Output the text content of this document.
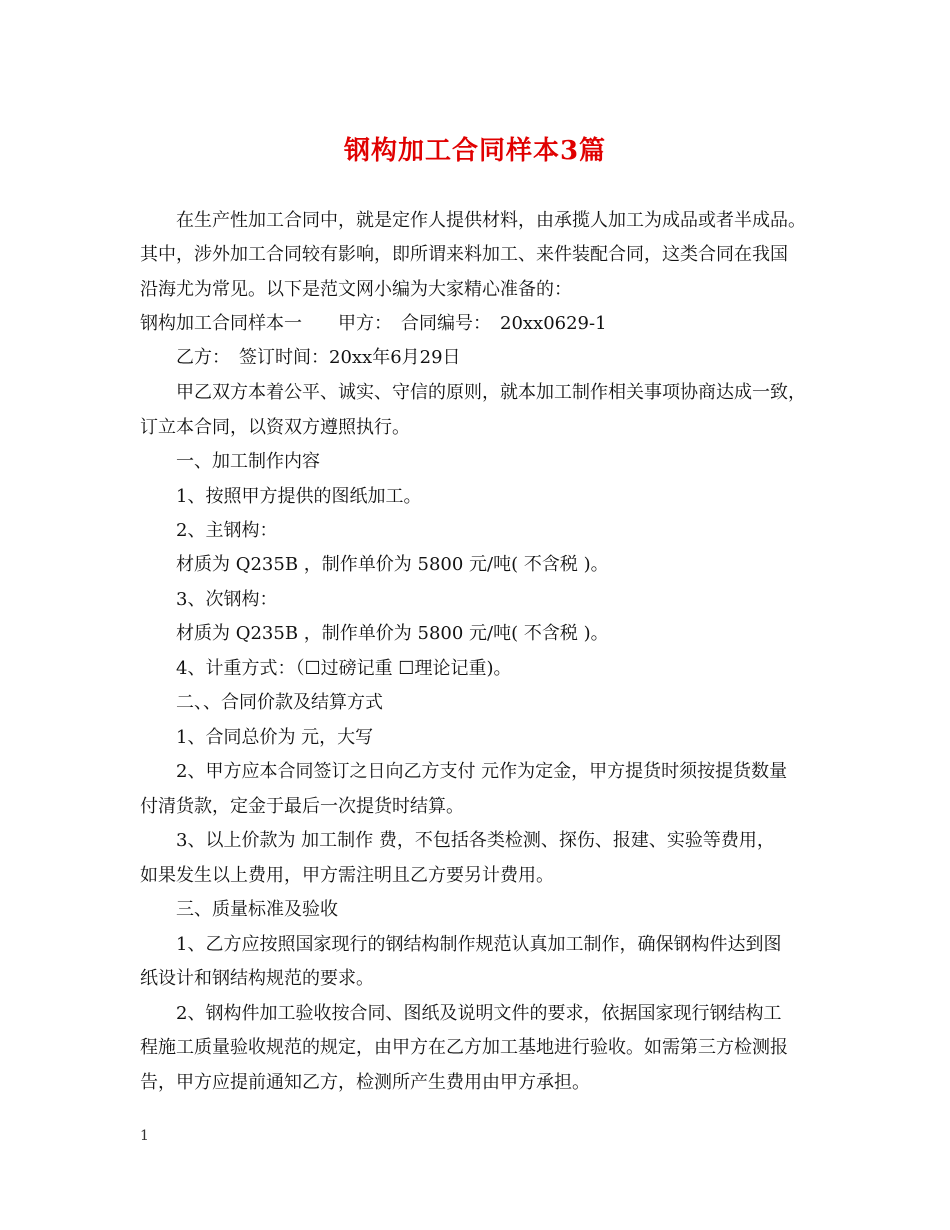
钢构加工合同样本3篇
在生产性加工合同中，就是定作人提供材料，由承揽人加工为成品或者半成品。
其中，涉外加工合同较有影响，即所谓来料加工、来件装配合同，这类合同在我国
沿海尤为常见。以下是范文网小编为大家精心准备的：
钢构加工合同样本一　　甲方：　合同编号：　20xx0629-1
乙方：　签订时间：20xx年6月29日
甲乙双方本着公平、诚实、守信的原则，就本加工制作相关事项协商达成一致，
订立本合同，以资双方遵照执行。
一、加工制作内容
1、按照甲方提供的图纸加工。
2、主钢构：
材质为 Q235B ，制作单价为 5800 元/吨( 不含税 )。
3、次钢构：
材质为 Q235B ，制作单价为 5800 元/吨( 不含税 )。
4、计重方式：（☐过磅记重 ☐理论记重)。
二、、合同价款及结算方式
1、合同总价为 元，大写
2、甲方应本合同签订之日向乙方支付 元作为定金，甲方提货时须按提货数量
付清货款，定金于最后一次提货时结算。
3、以上价款为 加工制作 费，不包括各类检测、探伤、报建、实验等费用，
如果发生以上费用，甲方需注明且乙方要另计费用。
三、质量标准及验收
1、乙方应按照国家现行的钢结构制作规范认真加工制作，确保钢构件达到图
纸设计和钢结构规范的要求。
2、钢构件加工验收按合同、图纸及说明文件的要求，依据国家现行钢结构工
程施工质量验收规范的规定，由甲方在乙方加工基地进行验收。如需第三方检测报
告，甲方应提前通知乙方，检测所产生费用由甲方承担。
1
